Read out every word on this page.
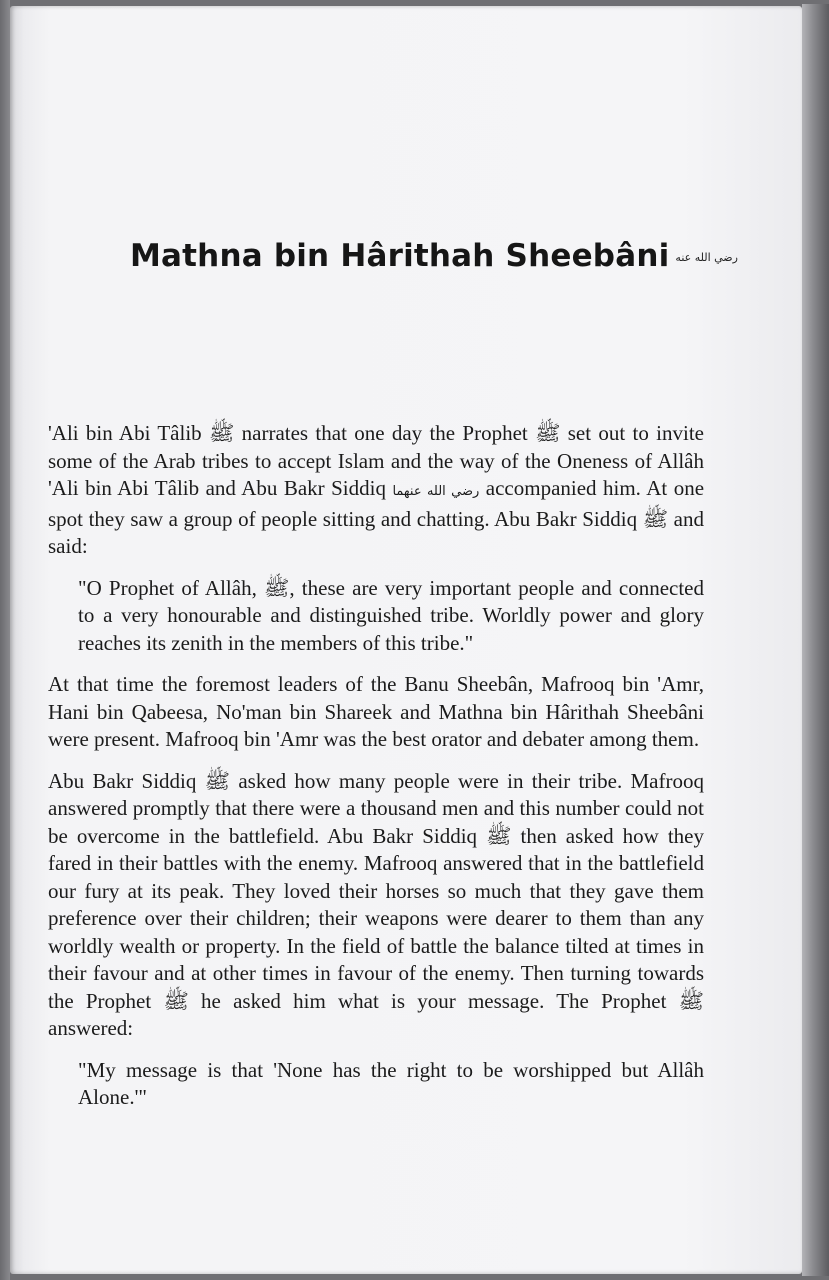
Mathna bin Hârithah Sheebâni رضي الله عنه

'Ali bin Abi Tâlib ﷺ narrates that one day the Prophet ﷺ set out to invite some of the Arab tribes to accept Islam and the way of the Oneness of Allâh 'Ali bin Abi Tâlib and Abu Bakr Siddiq رضي الله عنهما accompanied him. At one spot they saw a group of people sitting and chatting. Abu Bakr Siddiq ﷺ and said:

"O Prophet of Allâh, ﷺ, these are very important people and connected to a very honourable and distinguished tribe. Worldly power and glory reaches its zenith in the members of this tribe."

At that time the foremost leaders of the Banu Sheebân, Mafrooq bin 'Amr, Hani bin Qabeesa, No'man bin Shareek and Mathna bin Hârithah Sheebâni were present. Mafrooq bin 'Amr was the best orator and debater among them.

Abu Bakr Siddiq ﷺ asked how many people were in their tribe. Mafrooq answered promptly that there were a thousand men and this number could not be overcome in the battlefield. Abu Bakr Siddiq ﷺ then asked how they fared in their battles with the enemy. Mafrooq answered that in the battlefield our fury at its peak. They loved their horses so much that they gave them preference over their children; their weapons were dearer to them than any worldly wealth or property. In the field of battle the balance tilted at times in their favour and at other times in favour of the enemy. Then turning towards the Prophet ﷺ he asked him what is your message. The Prophet ﷺ answered:

"My message is that 'None has the right to be worshipped but Allâh Alone.'"
